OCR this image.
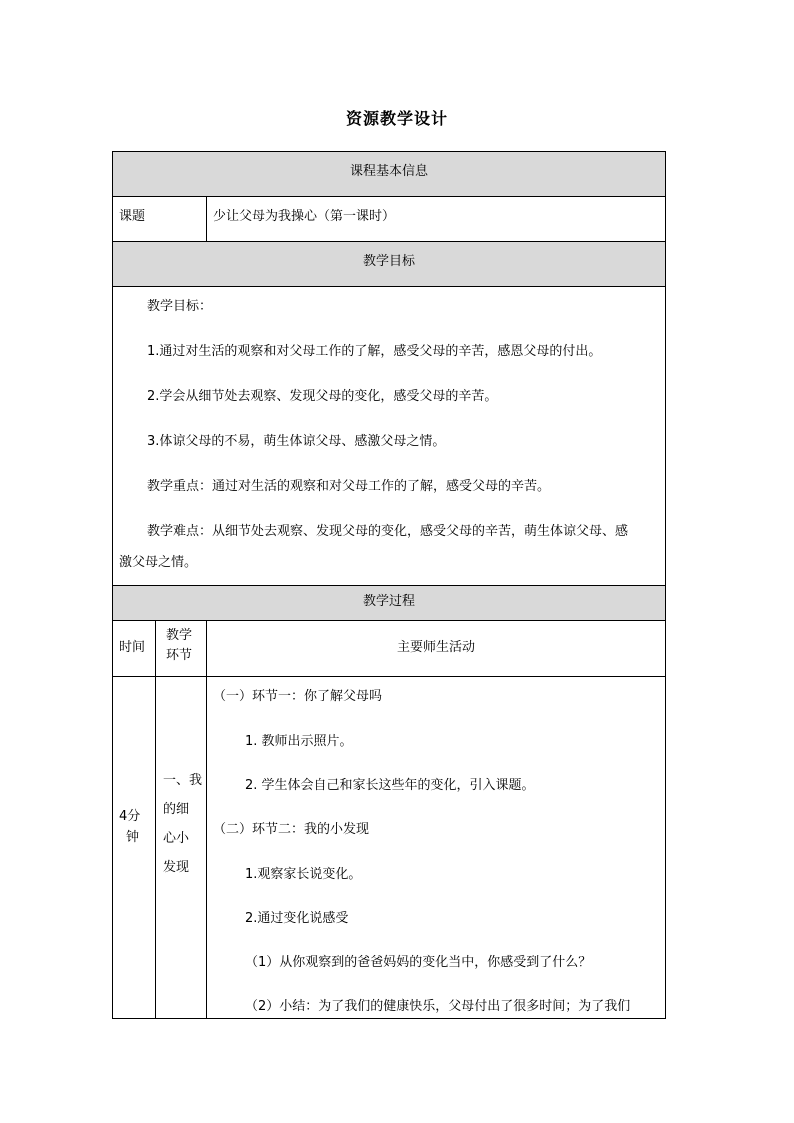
资源教学设计
课程基本信息
课题	少让父母为我操心（第一课时）
教学目标
教学目标：
1.通过对生活的观察和对父母工作的了解，感受父母的辛苦，感恩父母的付出。
2.学会从细节处去观察、发现父母的变化，感受父母的辛苦。
3.体谅父母的不易，萌生体谅父母、感激父母之情。
教学重点：通过对生活的观察和对父母工作的了解，感受父母的辛苦。
教学难点：从细节处去观察、发现父母的变化，感受父母的辛苦，萌生体谅父母、感
激父母之情。
教学过程
时间
教学
环节
主要师生活动
4分
钟
一、我
的细
心小
发现
（一）环节一：你了解父母吗
1. 教师出示照片。
2. 学生体会自己和家长这些年的变化，引入课题。
（二）环节二：我的小发现
1.观察家长说变化。
2.通过变化说感受
（1）从你观察到的爸爸妈妈的变化当中，你感受到了什么？
（2）小结：为了我们的健康快乐，父母付出了很多时间；为了我们
